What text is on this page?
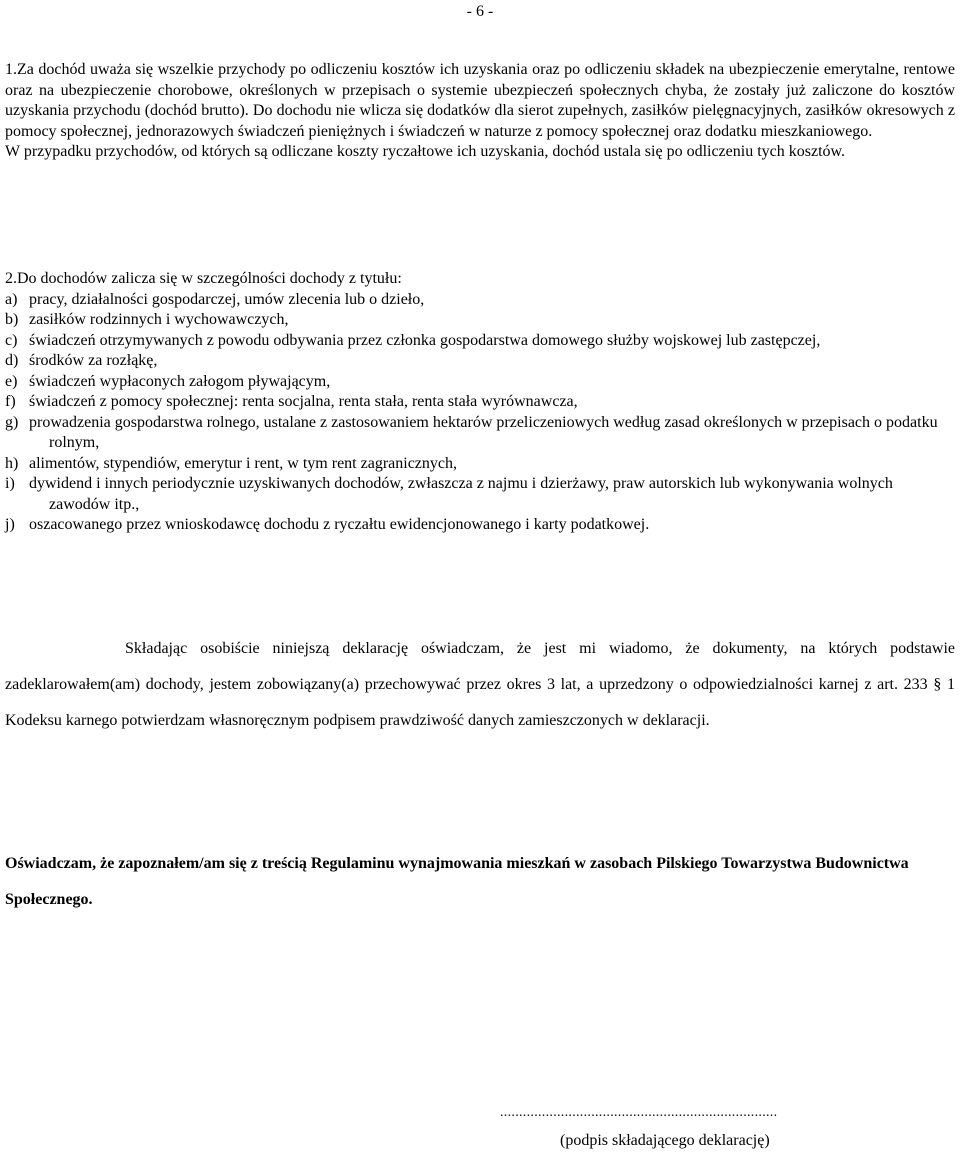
- 6 -

1.Za dochód uważa się wszelkie przychody po odliczeniu kosztów ich uzyskania oraz po odliczeniu składek na ubezpieczenie emerytalne, rentowe oraz na ubezpieczenie chorobowe, określonych w przepisach o systemie ubezpieczeń społecznych chyba, że zostały już zaliczone do kosztów uzyskania przychodu (dochód brutto). Do dochodu nie wlicza się dodatków dla sierot zupełnych, zasiłków pielęgnacyjnych, zasiłków okresowych z pomocy społecznej, jednorazowych świadczeń pieniężnych i świadczeń w naturze z pomocy społecznej oraz dodatku mieszkaniowego.

W przypadku przychodów, od których są odliczane koszty ryczałtowe ich uzyskania, dochód ustala się po odliczeniu tych kosztów.

2.Do dochodów zalicza się w szczególności dochody z tytułu:

a) pracy, działalności gospodarczej, umów zlecenia lub o dzieło,
b) zasiłków rodzinnych i wychowawczych,
c) świadczeń otrzymywanych z powodu odbywania przez członka gospodarstwa domowego służby wojskowej lub zastępczej,
d) środków za rozłąkę,
e) świadczeń wypłaconych załogom pływającym,
f) świadczeń z pomocy społecznej: renta socjalna, renta stała, renta stała wyrównawcza,
g) prowadzenia gospodarstwa rolnego, ustalane z zastosowaniem hektarów przeliczeniowych według zasad określonych w przepisach o podatku rolnym,
h) alimentów, stypendiów, emerytur i rent, w tym rent zagranicznych,
i) dywidend i innych periodycznie uzyskiwanych dochodów, zwłaszcza z najmu i dzierżawy, praw autorskich lub wykonywania wolnych zawodów itp.,
j) oszacowanego przez wnioskodawcę dochodu z ryczałtu ewidencjonowanego i karty podatkowej.

Składając osobiście niniejszą deklarację oświadczam, że jest mi wiadomo, że dokumenty, na których podstawie zadeklarowałem(am) dochody, jestem zobowiązany(a) przechowywać przez okres 3 lat, a uprzedzony o odpowiedzialności karnej z art. 233 § 1 Kodeksu karnego potwierdzam własnoręcznym podpisem prawdziwość danych zamieszczonych w deklaracji.

Oświadczam, że zapoznałem/am się z treścią Regulaminu wynajmowania mieszkań w zasobach Pilskiego Towarzystwa Budownictwa Społecznego.

.........................................................................
(podpis składającego deklarację)
